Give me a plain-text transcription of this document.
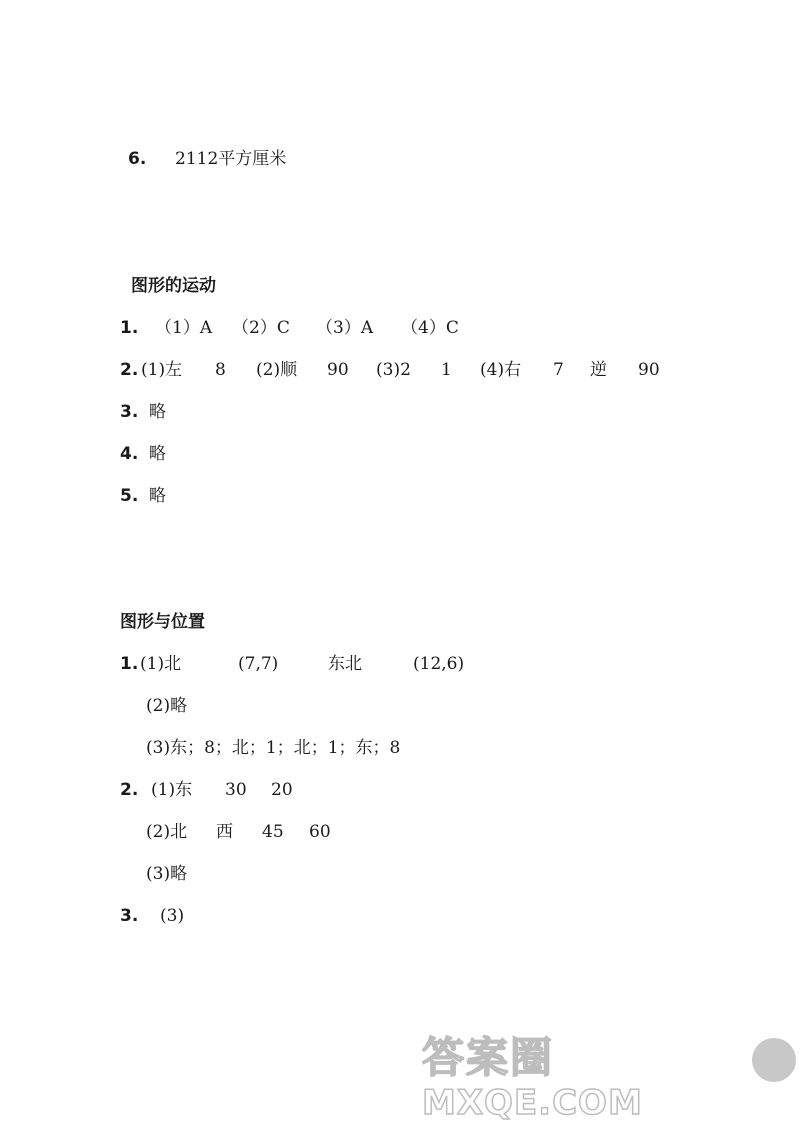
6. 2112平方厘米
图形的运动
1. （1）A （2）C （3）A （4）C
2. (1)左 8 (2)顺 90 (3)2 1 (4)右 7 逆 90
3. 略
4. 略
5. 略
图形与位置
1. (1)北	(7,7)	东北	(12,6)
(2)略
(3)东；8；北；1；北；1；东；8
2. (1)东 30 20
(2)北 西 45 60
(3)略
3. (3)
答案圈
MXQE.COM
